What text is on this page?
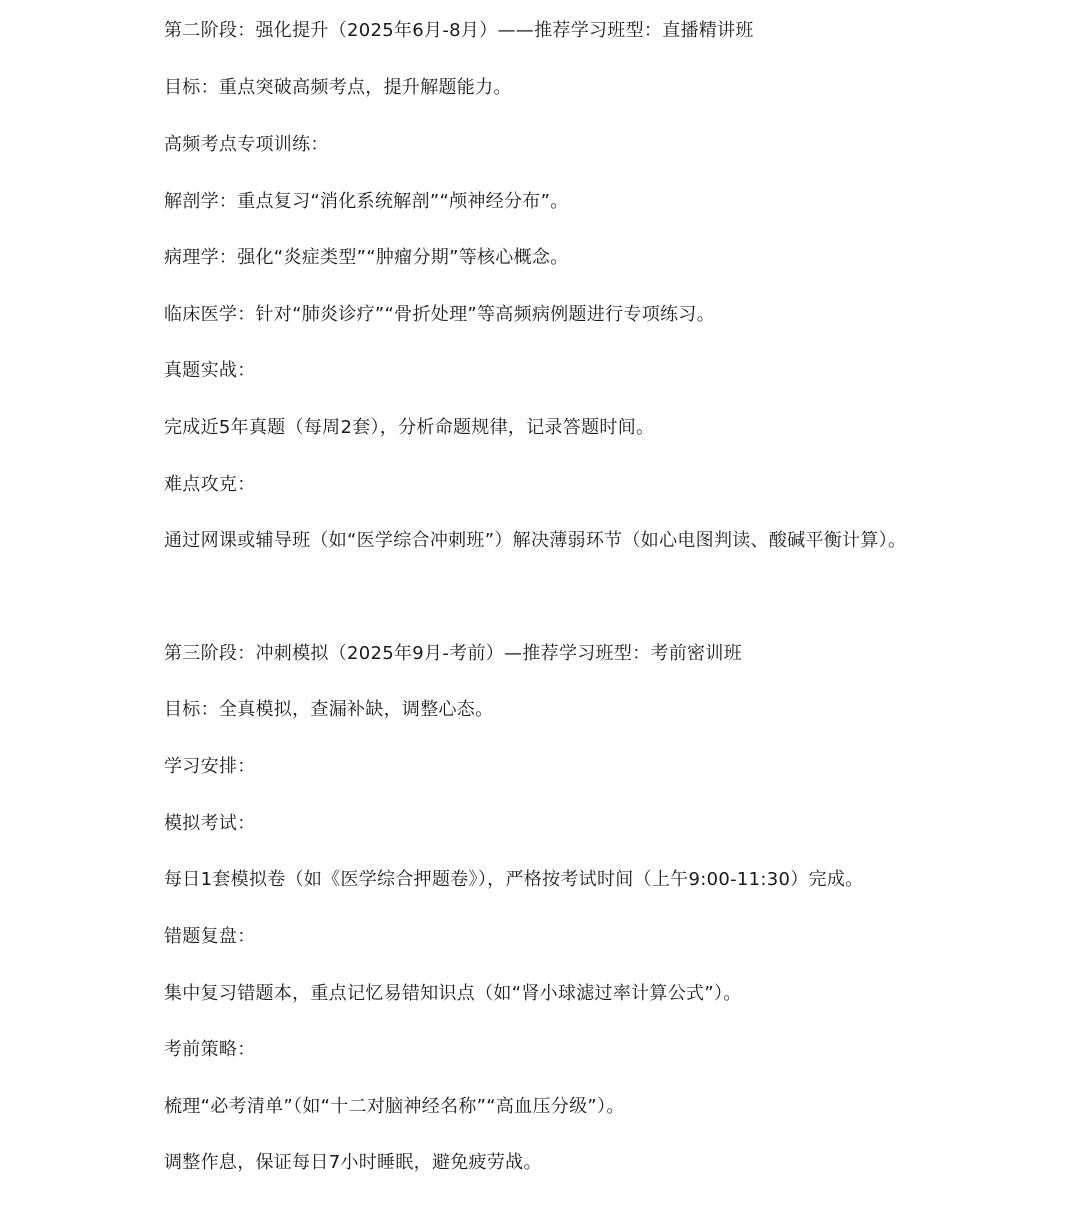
第二阶段：强化提升（2025年6月-8月）——推荐学习班型：直播精讲班
目标：重点突破高频考点，提升解题能力。
高频考点专项训练：
解剖学：重点复习“消化系统解剖”“颅神经分布”。
病理学：强化“炎症类型”“肿瘤分期”等核心概念。
临床医学：针对“肺炎诊疗”“骨折处理”等高频病例题进行专项练习。
真题实战：
完成近5年真题（每周2套），分析命题规律，记录答题时间。
难点攻克：
通过网课或辅导班（如“医学综合冲刺班”）解决薄弱环节（如心电图判读、酸碱平衡计算）。
第三阶段：冲刺模拟（2025年9月-考前）—推荐学习班型：考前密训班
目标：全真模拟，查漏补缺，调整心态。
学习安排：
模拟考试：
每日1套模拟卷（如《医学综合押题卷》），严格按考试时间（上午9:00-11:30）完成。
错题复盘：
集中复习错题本，重点记忆易错知识点（如“肾小球滤过率计算公式”）。
考前策略：
梳理“必考清单”（如“十二对脑神经名称”“高血压分级”）。
调整作息，保证每日7小时睡眠，避免疲劳战。
